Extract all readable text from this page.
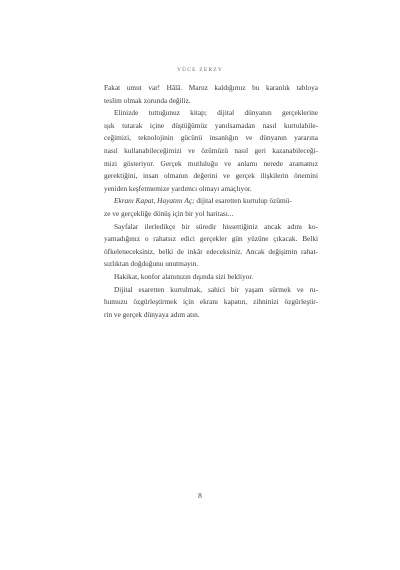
YÜCE ZERZY
Fakat umut var! Hâlâ. Maruz kaldığımız bu karanlık tabloya
teslim olmak zorunda değiliz.
Elinizde tuttuğunuz kitap; dijital dünyanın gerçeklerine
ışık tutarak içine düştüğümüz yanılsamadan nasıl kurtulabile-
ceğimizi, teknolojinin gücünü insanlığın ve dünyanın yararına
nasıl kullanabileceğimizi ve özümüzü nasıl geri kazanabileceği-
mizi gösteriyor. Gerçek mutluluğu ve anlamı nerede aramamız
gerektiğini, insan olmanın değerini ve gerçek ilişkilerin önemini
yeniden keşfetmemize yardımcı olmayı amaçlıyor.
Ekranı Kapat, Hayatını Aç; dijital esaretten kurtulup özümü-
ze ve gerçekliğe dönüş için bir yol haritası...
Sayfalar ilerledikçe bir süredir hissettiğiniz ancak adını ko-
yamadığınız o rahatsız edici gerçekler gün yüzüne çıkacak. Belki
öfkeleneceksiniz, belki de inkâr edeceksiniz. Ancak değişimin rahat-
sızlıktan doğduğunu unutmayın.
Hakikat, konfor alanınızın dışında sizi bekliyor.
Dijital esaretten kurtulmak, sahici bir yaşam sürmek ve ru-
humuzu özgürleştirmek için ekranı kapatın, zihninizi özgürleştir-
rin ve gerçek dünyaya adım atın.
8
